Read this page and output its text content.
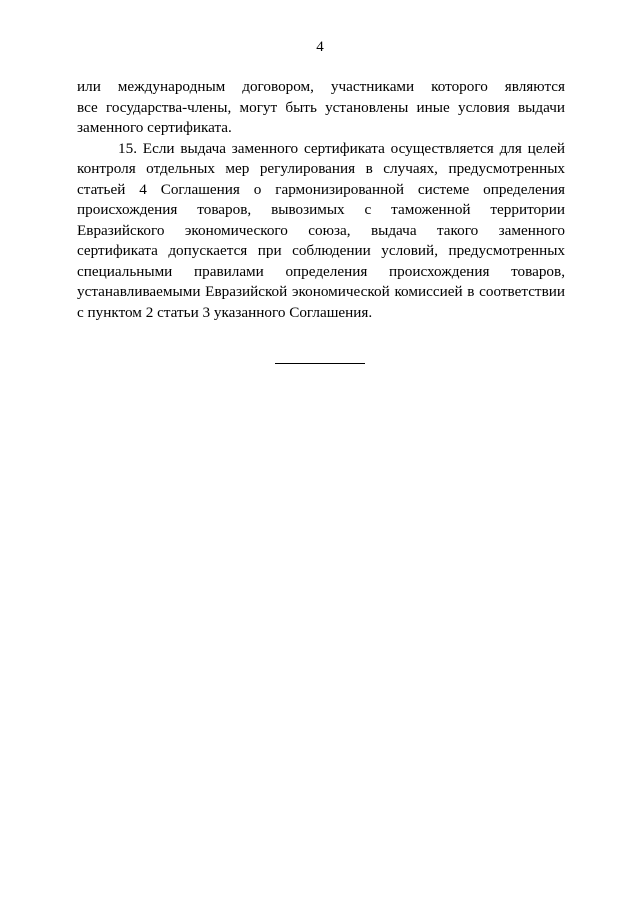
4
или международным договором, участниками которого являются
все государства-члены, могут быть установлены иные условия выдачи
заменного сертификата.
15. Если выдача заменного сертификата осуществляется для целей
контроля отдельных мер регулирования в случаях, предусмотренных
статьей 4 Соглашения о гармонизированной системе определения
происхождения товаров, вывозимых с таможенной территории
Евразийского экономического союза, выдача такого заменного
сертификата допускается при соблюдении условий, предусмотренных
специальными правилами определения происхождения товаров,
устанавливаемыми Евразийской экономической комиссией в соответствии
с пунктом 2 статьи 3 указанного Соглашения.
